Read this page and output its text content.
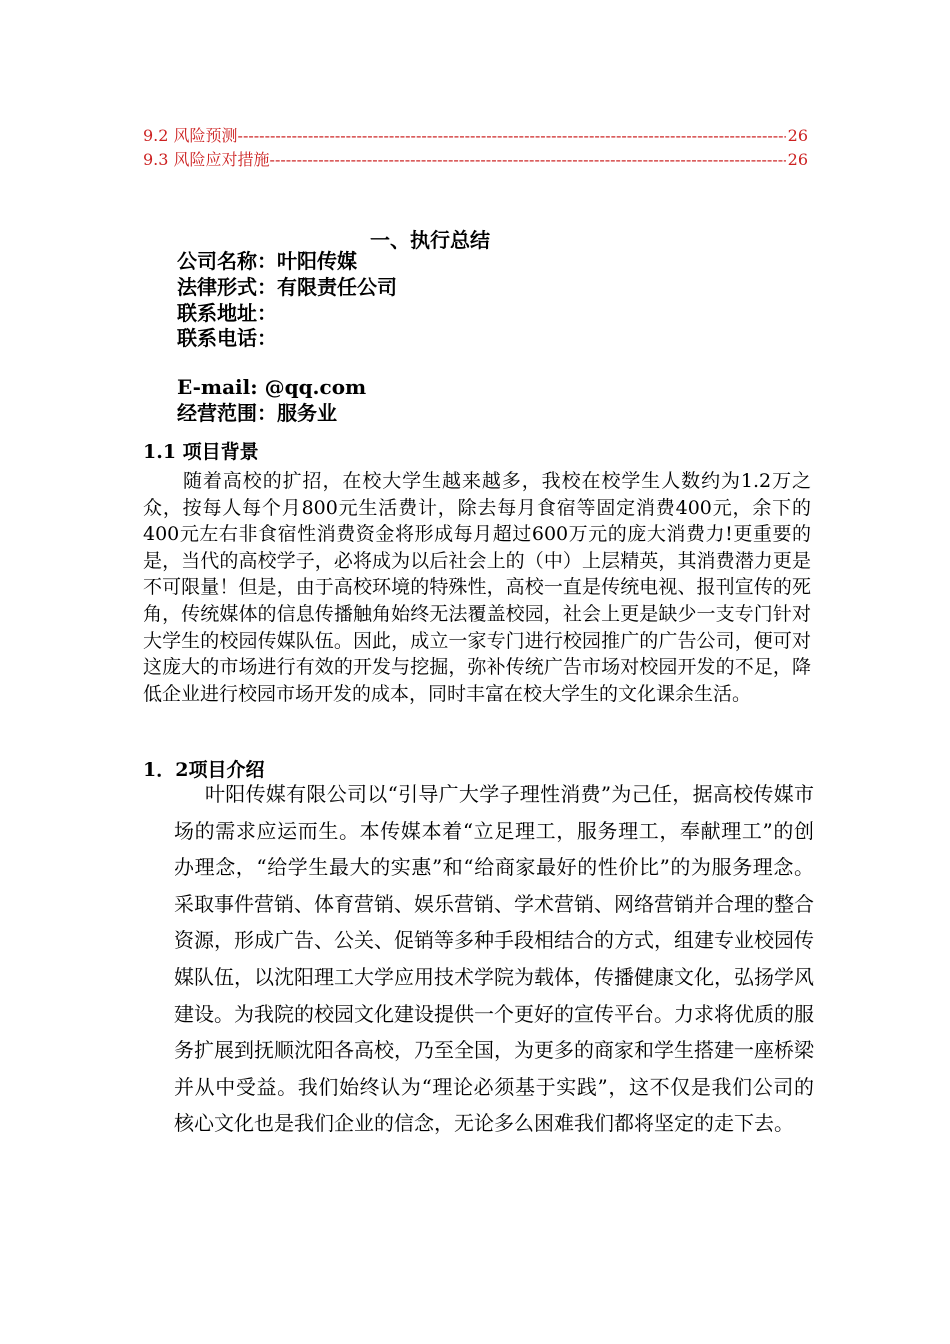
9.2 风险预测 -----	26
9.3 风险应对措施 -----	26
一、执行总结
公司名称：叶阳传媒
法律形式：有限责任公司
联系地址：
联系电话：
E-mail: @qq.com
经营范围：服务业
1.1 项目背景
随着高校的扩招，在校大学生越来越多，我校在校学生人数约为1.2万之众，按每人每个月800元生活费计，除去每月食宿等固定消费400元，余下的400元左右非食宿性消费资金将形成每月超过600万元的庞大消费力!更重要的是，当代的高校学子，必将成为以后社会上的（中）上层精英，其消费潜力更是不可限量！但是，由于高校环境的特殊性，高校一直是传统电视、报刊宣传的死角，传统媒体的信息传播触角始终无法覆盖校园，社会上更是缺少一支专门针对大学生的校园传媒队伍。因此，成立一家专门进行校园推广的广告公司，便可对这庞大的市场进行有效的开发与挖掘，弥补传统广告市场对校园开发的不足，降低企业进行校园市场开发的成本，同时丰富在校大学生的文化课余生活。
1．2项目介绍
叶阳传媒有限公司以“引导广大学子理性消费”为己任，据高校传媒市场的需求应运而生。本传媒本着“立足理工，服务理工，奉献理工”的创办理念，“给学生最大的实惠”和“给商家最好的性价比”的为服务理念。采取事件营销、体育营销、娱乐营销、学术营销、网络营销并合理的整合资源，形成广告、公关、促销等多种手段相结合的方式，组建专业校园传媒队伍，以沈阳理工大学应用技术学院为载体，传播健康文化，弘扬学风建设。为我院的校园文化建设提供一个更好的宣传平台。力求将优质的服务扩展到抚顺沈阳各高校，乃至全国，为更多的商家和学生搭建一座桥梁并从中受益。我们始终认为“理论必须基于实践”，这不仅是我们公司的核心文化也是我们企业的信念，无论多么困难我们都将坚定的走下去。
